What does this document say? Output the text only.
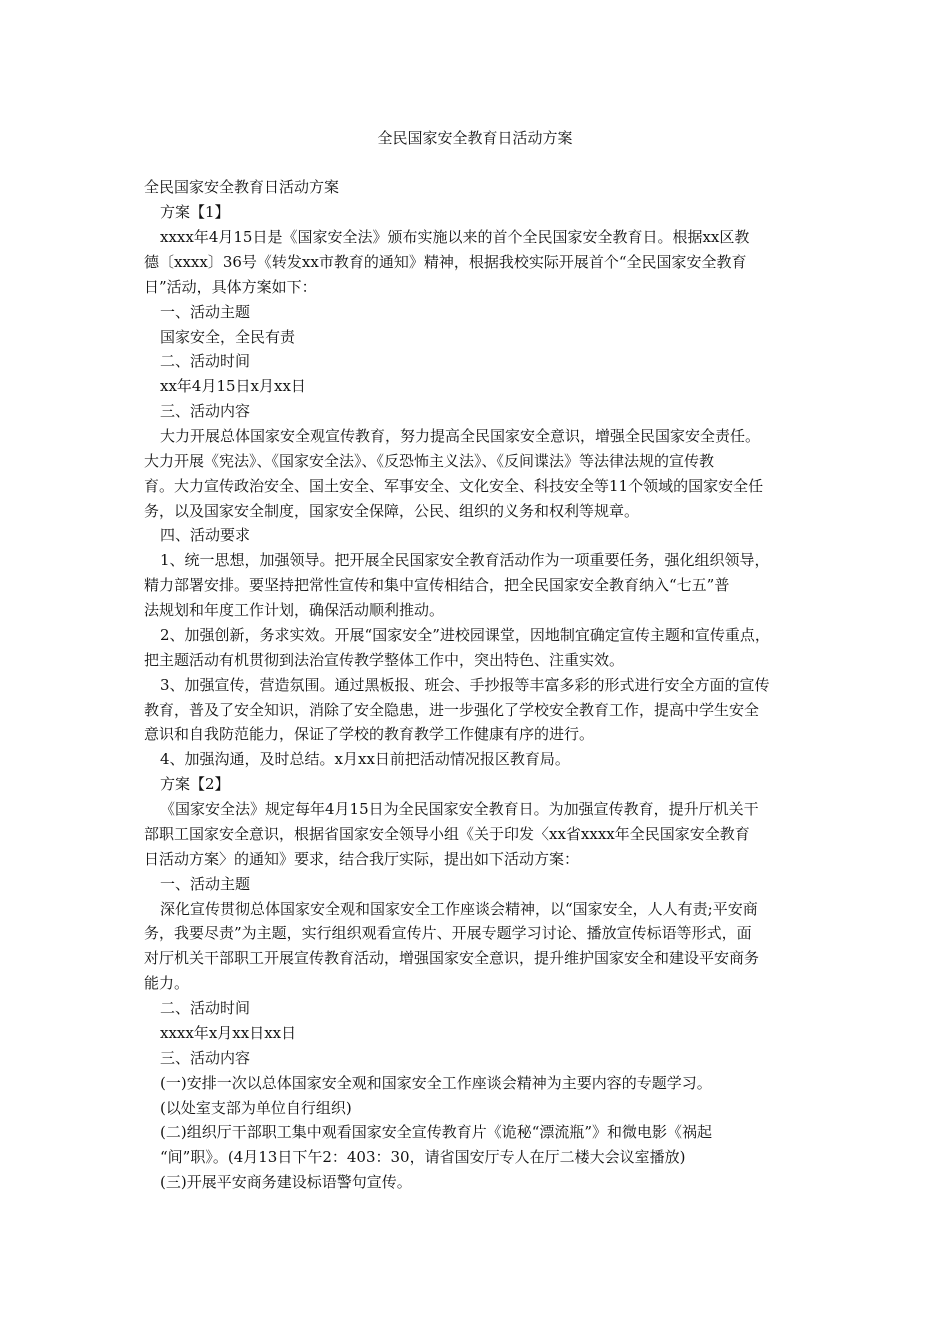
全民国家安全教育日活动方案
全民国家安全教育日活动方案
方案【1】
xxxx年4月15日是《国家安全法》颁布实施以来的首个全民国家安全教育日。根据xx区教
德〔xxxx〕36号《转发xx市教育的通知》精神，根据我校实际开展首个“全民国家安全教育
日”活动，具体方案如下：
一、活动主题
国家安全，全民有责
二、活动时间
xx年4月15日x月xx日
三、活动内容
大力开展总体国家安全观宣传教育，努力提高全民国家安全意识，增强全民国家安全责任。
大力开展《宪法》、《国家安全法》、《反恐怖主义法》、《反间谍法》等法律法规的宣传教
育。大力宣传政治安全、国土安全、军事安全、文化安全、科技安全等11个领域的国家安全任
务，以及国家安全制度，国家安全保障，公民、组织的义务和权利等规章。
四、活动要求
1、统一思想，加强领导。把开展全民国家安全教育活动作为一项重要任务，强化组织领导，
精力部署安排。要坚持把常性宣传和集中宣传相结合，把全民国家安全教育纳入“七五”普
法规划和年度工作计划，确保活动顺利推动。
2、加强创新，务求实效。开展“国家安全”进校园课堂，因地制宜确定宣传主题和宣传重点，
把主题活动有机贯彻到法治宣传教学整体工作中，突出特色、注重实效。
3、加强宣传，营造氛围。通过黑板报、班会、手抄报等丰富多彩的形式进行安全方面的宣传
教育，普及了安全知识，消除了安全隐患，进一步强化了学校安全教育工作，提高中学生安全
意识和自我防范能力，保证了学校的教育教学工作健康有序的进行。
4、加强沟通，及时总结。x月xx日前把活动情况报区教育局。
方案【2】
《国家安全法》规定每年4月15日为全民国家安全教育日。为加强宣传教育，提升厅机关干
部职工国家安全意识，根据省国家安全领导小组《关于印发〈xx省xxxx年全民国家安全教育
日活动方案〉的通知》要求，结合我厅实际，提出如下活动方案：
一、活动主题
深化宣传贯彻总体国家安全观和国家安全工作座谈会精神，以“国家安全，人人有责;平安商
务，我要尽责”为主题，实行组织观看宣传片、开展专题学习讨论、播放宣传标语等形式，面
对厅机关干部职工开展宣传教育活动，增强国家安全意识，提升维护国家安全和建设平安商务
能力。
二、活动时间
xxxx年x月xx日xx日
三、活动内容
(一)安排一次以总体国家安全观和国家安全工作座谈会精神为主要内容的专题学习。
(以处室支部为单位自行组织)
(二)组织厅干部职工集中观看国家安全宣传教育片《诡秘“漂流瓶”》和微电影《祸起
“间”职》。(4月13日下午2：403：30，请省国安厅专人在厅二楼大会议室播放)
(三)开展平安商务建设标语警句宣传。
